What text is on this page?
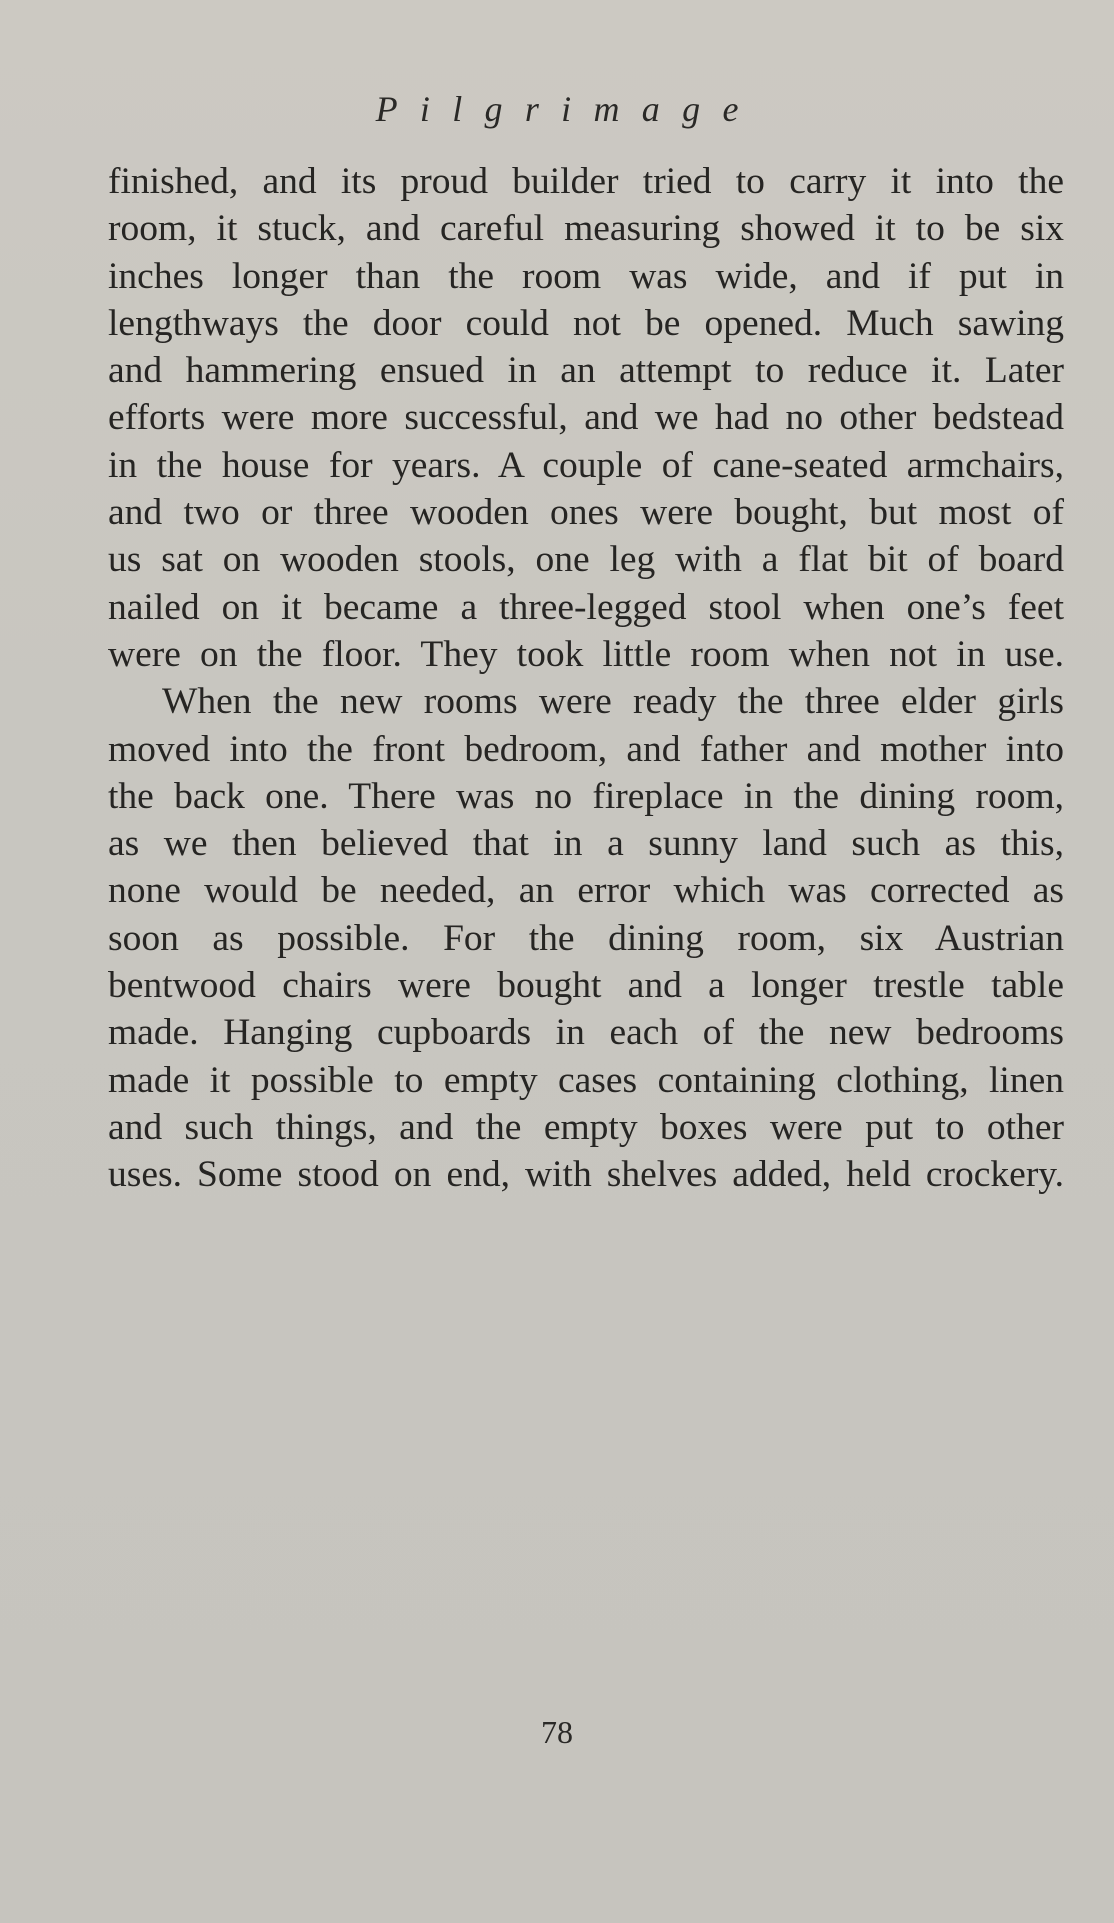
Pilgrimage
finished, and its proud builder tried to carry it into the
room, it stuck, and careful measuring showed it to be six
inches longer than the room was wide, and if put in
lengthways the door could not be opened. Much sawing
and hammering ensued in an attempt to reduce it. Later
efforts were more successful, and we had no other bedstead
in the house for years. A couple of cane-seated armchairs,
and two or three wooden ones were bought, but most of
us sat on wooden stools, one leg with a flat bit of board
nailed on it became a three-legged stool when one’s feet
were on the floor. They took little room when not in use.
When the new rooms were ready the three elder girls
moved into the front bedroom, and father and mother into
the back one. There was no fireplace in the dining room,
as we then believed that in a sunny land such as this,
none would be needed, an error which was corrected as
soon as possible. For the dining room, six Austrian
bentwood chairs were bought and a longer trestle table
made. Hanging cupboards in each of the new bedrooms
made it possible to empty cases containing clothing, linen
and such things, and the empty boxes were put to other
uses. Some stood on end, with shelves added, held crockery.
78
